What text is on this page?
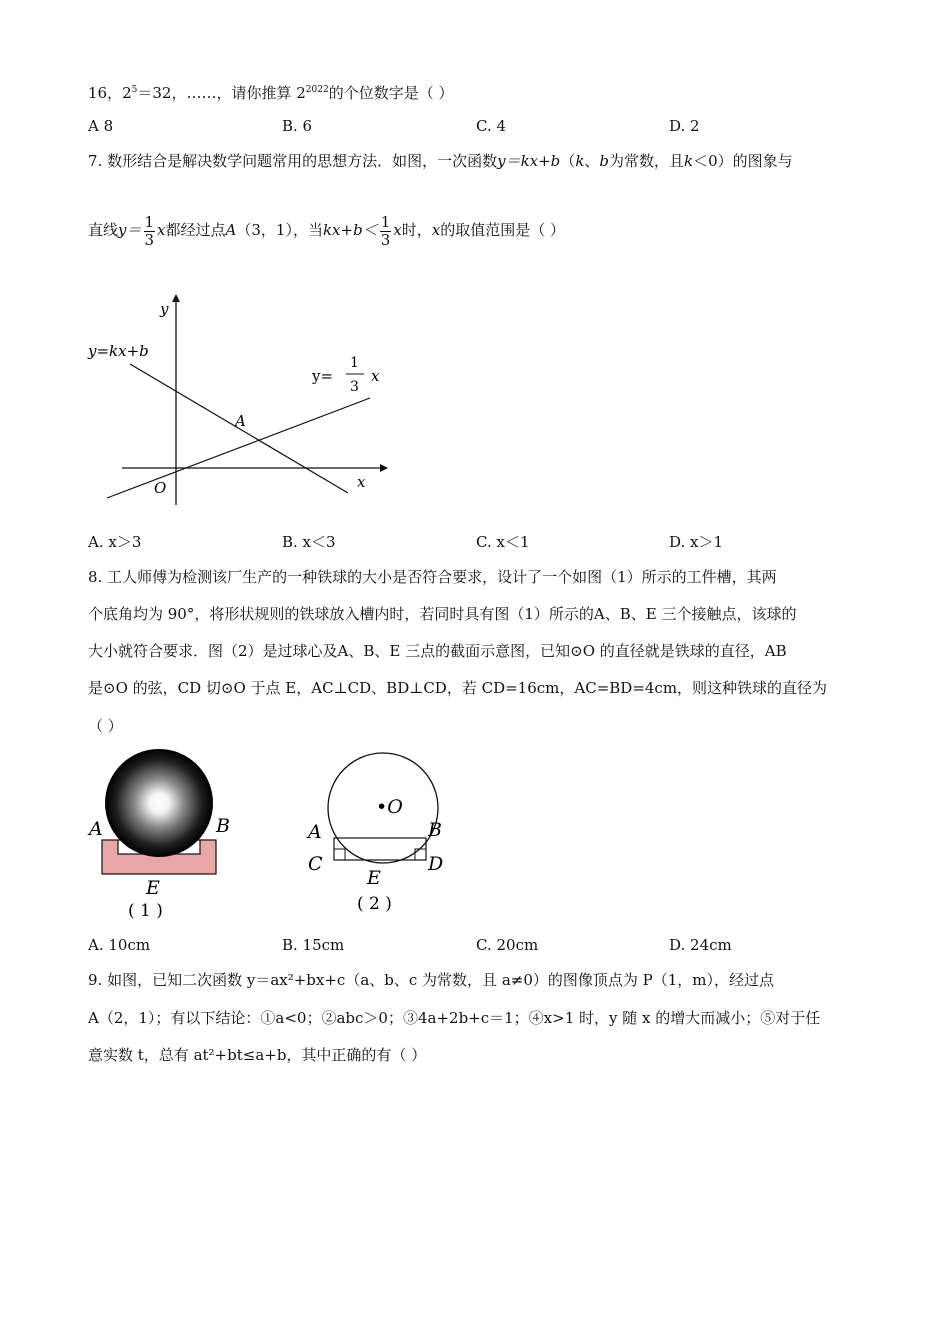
16，$2^5=32$，……，请你推算 $2^{2022}$的个位数字是（ ）
A 8	B. 6	C. 4	D. 2
7. 数形结合是解决数学问题常用的思想方法．如图，一次函数y＝kx+b（k、b为常数，且k＜0）的图象与
直线$y= \frac{1}{3}$ x都经过点A（3，1），当$kx+b< \frac{1}{3}$ x时，x的取值范围是（ ）
y
x
O
A
y=kx+b
y=
1
3
x
A. x＞3	B. x＜3	C. x＜1	D. x＞1
8. 工人师傅为检测该厂生产的一种铁球的大小是否符合要求，设计了一个如图（1）所示的工件槽，其两
个底角均为 90°，将形状规则的铁球放入槽内时，若同时具有图（1）所示的A、B、E 三个接触点，该球的
大小就符合要求．图（2）是过球心及A、B、E 三点的截面示意图，已知⊙O 的直径就是铁球的直径，AB
是⊙O 的弦，CD 切⊙O 于点 E，AC⊥CD、BD⊥CD，若 CD=16cm，AC=BD=4cm，则这种铁球的直径为
（ ）
A	B
E
( 1 )
•O
A	B
C	D
E
( 2 )
A. 10cm	B. 15cm	C. 20cm	D. 24cm
9. 如图，已知二次函数 y＝ax²+bx+c（a、b、c 为常数，且 a≠0）的图像顶点为 P（1，m），经过点
A（2，1）；有以下结论：①a<0；②abc＞0；③4a+2b+c＝1；④x>1 时，y 随 x 的增大而减小；⑤对于任
意实数 t，总有 at²+bt≤a+b，其中正确的有（ ）
